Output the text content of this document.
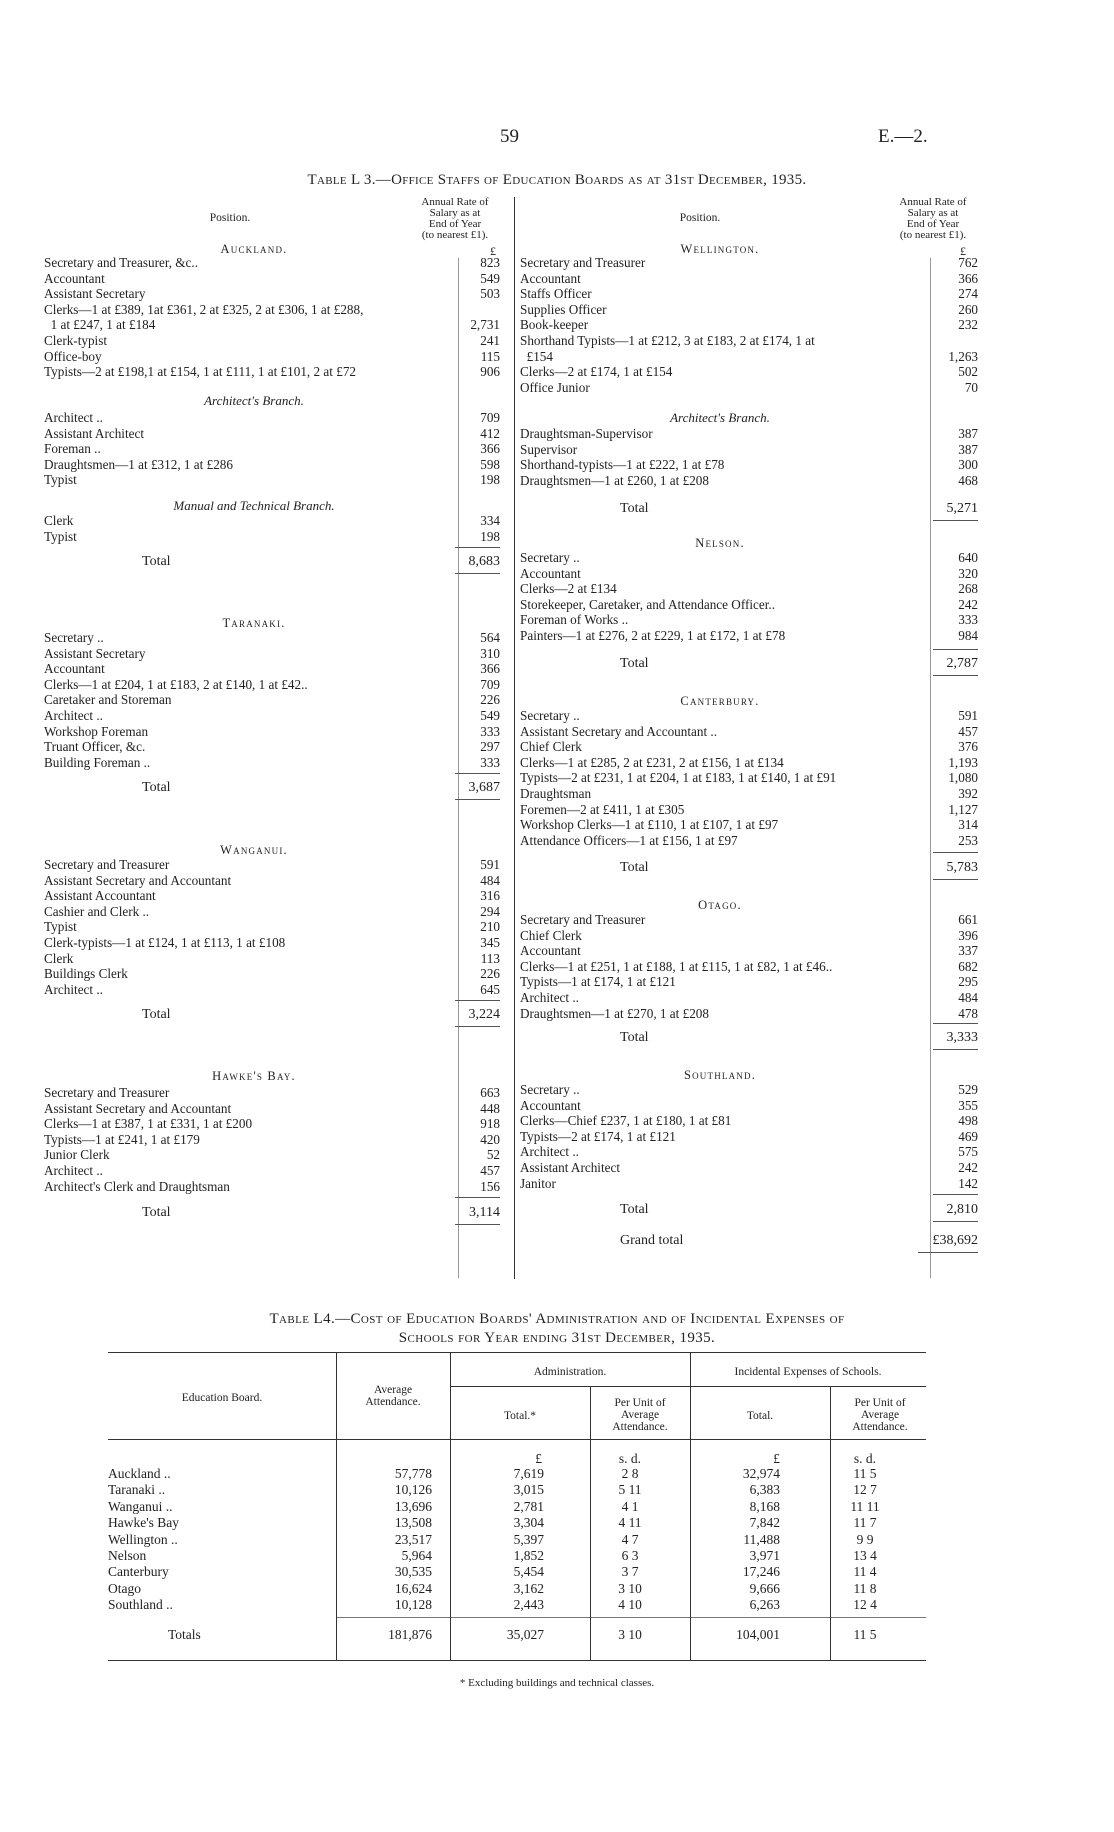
59	E.—2.
Table L 3.—Office Staffs of Education Boards as at 31st December, 1935.
Position.
Annual Rate of
Salary as at
End of Year
(to nearest £1).
Position.
Annual Rate of
Salary as at
End of Year
(to nearest £1).
£	£
Auckland.
Secretary and Treasurer, &c..	823
Accountant	549
Assistant Secretary	503
Clerks—1 at £389, 1at £361, 2 at £325, 2 at £306, 1 at £288,
1 at £247, 1 at £184	2,731
Clerk-typist	241
Office-boy	115
Typists—2 at £198,1 at £154, 1 at £111, 1 at £101, 2 at £72	906
Architect's Branch.
Architect ..	709
Assistant Architect	412
Foreman ..	366
Draughtsmen—1 at £312, 1 at £286	598
Typist	198
Manual and Technical Branch.
Clerk	334
Typist	198
Total	8,683
Taranaki.
Secretary ..	564
Assistant Secretary	310
Accountant	366
Clerks—1 at £204, 1 at £183, 2 at £140, 1 at £42..	709
Caretaker and Storeman	226
Architect ..	549
Workshop Foreman	333
Truant Officer, &c.	297
Building Foreman ..	333
Total	3,687
Wanganui.
Secretary and Treasurer	591
Assistant Secretary and Accountant	484
Assistant Accountant	316
Cashier and Clerk ..	294
Typist	210
Clerk-typists—1 at £124, 1 at £113, 1 at £108	345
Clerk	113
Buildings Clerk	226
Architect ..	645
Total	3,224
Hawke's Bay.
Secretary and Treasurer	663
Assistant Secretary and Accountant	448
Clerks—1 at £387, 1 at £331, 1 at £200	918
Typists—1 at £241, 1 at £179	420
Junior Clerk	52
Architect ..	457
Architect's Clerk and Draughtsman	156
Total	3,114
Wellington.
Secretary and Treasurer	762
Accountant	366
Staffs Officer	274
Supplies Officer	260
Book-keeper	232
Shorthand Typists—1 at £212, 3 at £183, 2 at £174, 1 at
£154	1,263
Clerks—2 at £174, 1 at £154	502
Office Junior	70
Architect's Branch.
Draughtsman-Supervisor	387
Supervisor	387
Shorthand-typists—1 at £222, 1 at £78	300
Draughtsmen—1 at £260, 1 at £208	468
Total	5,271
Nelson.
Secretary ..	640
Accountant	320
Clerks—2 at £134	268
Storekeeper, Caretaker, and Attendance Officer..	242
Foreman of Works ..	333
Painters—1 at £276, 2 at £229, 1 at £172, 1 at £78	984
Total	2,787
Canterbury.
Secretary ..	591
Assistant Secretary and Accountant ..	457
Chief Clerk	376
Clerks—1 at £285, 2 at £231, 2 at £156, 1 at £134	1,193
Typists—2 at £231, 1 at £204, 1 at £183, 1 at £140, 1 at £91	1,080
Draughtsman	392
Foremen—2 at £411, 1 at £305	1,127
Workshop Clerks—1 at £110, 1 at £107, 1 at £97	314
Attendance Officers—1 at £156, 1 at £97	253
Total	5,783
Otago.
Secretary and Treasurer	661
Chief Clerk	396
Accountant	337
Clerks—1 at £251, 1 at £188, 1 at £115, 1 at £82, 1 at £46..	682
Typists—1 at £174, 1 at £121	295
Architect ..	484
Draughtsmen—1 at £270, 1 at £208	478
Total	3,333
Southland.
Secretary ..	529
Accountant	355
Clerks—Chief £237, 1 at £180, 1 at £81	498
Typists—2 at £174, 1 at £121	469
Architect ..	575
Assistant Architect	242
Janitor	142
Total	2,810
Grand total	£38,692
Table L4.—Cost of Education Boards' Administration and of Incidental Expenses of
Schools for Year ending 31st December, 1935.
Education Board.
Average Attendance.
Administration.	Incidental Expenses of Schools.
Total.*
Per Unit of Average Attendance.
Total.
Per Unit of Average Attendance.
£	s. d.	£	s. d.
Auckland ..	57,778	7,619	2 8	32,974	11 5
Taranaki ..	10,126	3,015	5 11	6,383	12 7
Wanganui ..	13,696	2,781	4 1	8,168	11 11
Hawke's Bay	13,508	3,304	4 11	7,842	11 7
Wellington ..	23,517	5,397	4 7	11,488	9 9
Nelson	5,964	1,852	6 3	3,971	13 4
Canterbury	30,535	5,454	3 7	17,246	11 4
Otago	16,624	3,162	3 10	9,666	11 8
Southland ..	10,128	2,443	4 10	6,263	12 4
Totals	181,876	35,027	3 10	104,001	11 5
* Excluding buildings and technical classes.
